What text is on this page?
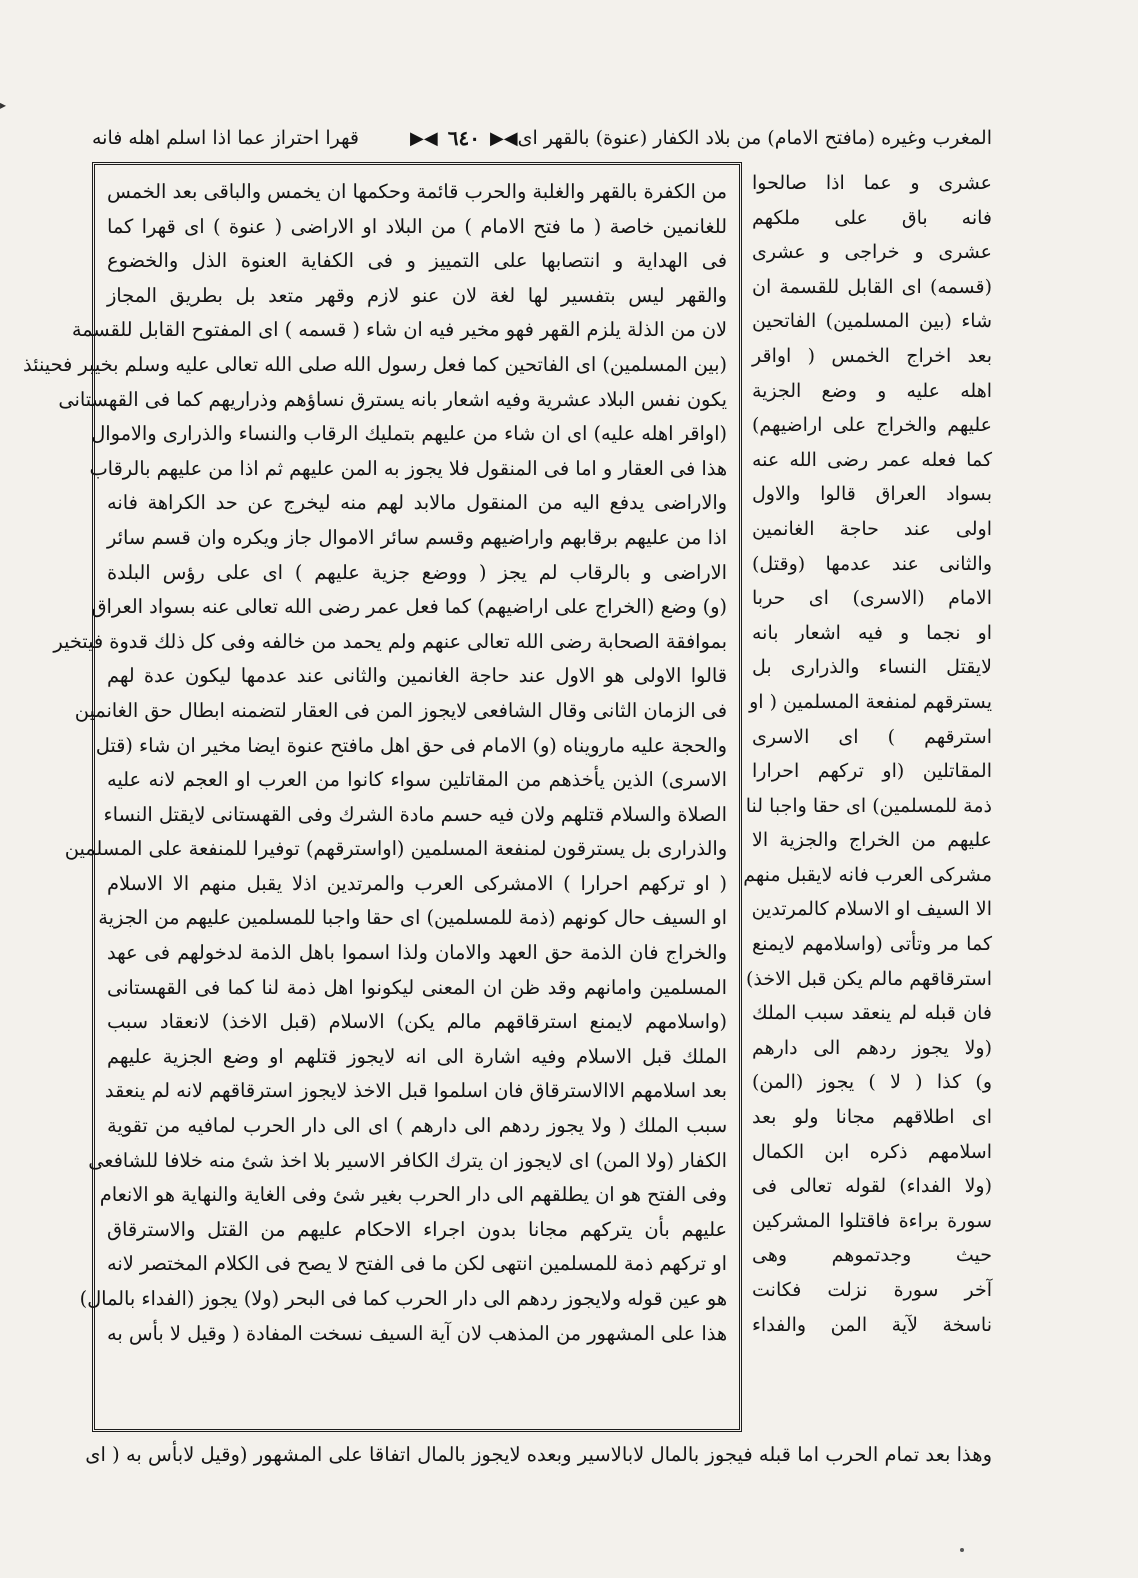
▸
المغرب وغيره (مافتح الامام) من بلاد الكفار (عنوة) بالقهر اى
◀▶
٦٤٠
◀▶
قهرا احتراز عما اذا اسلم اهله فانه
من الكفرة بالقهر والغلبة والحرب قائمة وحكمها ان يخمس والباقى بعد الخمس
للغانمين خاصة ( ما فتح الامام ) من البلاد او الاراضى ( عنوة ) اى قهرا كما
فى الهداية و انتصابها على التمييز و فى الكفاية العنوة الذل والخضوع
والقهر ليس بتفسير لها لغة لان عنو لازم وقهر متعد بل بطريق المجاز
لان من الذلة يلزم القهر فهو مخير فيه ان شاء ( قسمه ) اى المفتوح القابل للقسمة
(بين المسلمين) اى الفاتحين كما فعل رسول الله صلى الله تعالى عليه وسلم بخيبر فحينئذ
يكون نفس البلاد عشرية وفيه اشعار بانه يسترق نساؤهم وذراريهم كما فى القهستانى
(اواقر اهله عليه) اى ان شاء من عليهم بتمليك الرقاب والنساء والذرارى والاموال
هذا فى العقار و اما فى المنقول فلا يجوز به المن عليهم ثم اذا من عليهم بالرقاب
والاراضى يدفع اليه من المنقول مالابد لهم منه ليخرج عن حد الكراهة فانه
اذا من عليهم برقابهم واراضيهم وقسم سائر الاموال جاز ويكره وان قسم سائر
الاراضى و بالرقاب لم يجز ( ووضع جزية عليهم ) اى على رؤس البلدة
(و) وضع (الخراج على اراضيهم) كما فعل عمر رضى الله تعالى عنه بسواد العراق
بموافقة الصحابة رضى الله تعالى عنهم ولم يحمد من خالفه وفى كل ذلك قدوة فيتخير
قالوا الاولى هو الاول عند حاجة الغانمين والثانى عند عدمها ليكون عدة لهم
فى الزمان الثانى وقال الشافعى لايجوز المن فى العقار لتضمنه ابطال حق الغانمين
والحجة عليه مارويناه (و) الامام فى حق اهل مافتح عنوة ايضا مخير ان شاء (قتل
الاسرى) الذين يأخذهم من المقاتلين سواء كانوا من العرب او العجم لانه عليه
الصلاة والسلام قتلهم ولان فيه حسم مادة الشرك وفى القهستانى لايقتل النساء
والذرارى بل يسترقون لمنفعة المسلمين (اواسترقهم) توفيرا للمنفعة على المسلمين
( او تركهم احرارا ) الامشركى العرب والمرتدين اذلا يقبل منهم الا الاسلام
او السيف حال كونهم (ذمة للمسلمين) اى حقا واجبا للمسلمين عليهم من الجزية
والخراج فان الذمة حق العهد والامان ولذا اسموا باهل الذمة لدخولهم فى عهد
المسلمين وامانهم وقد ظن ان المعنى ليكونوا اهل ذمة لنا كما فى القهستانى
(واسلامهم لايمنع استرقاقهم مالم يكن) الاسلام (قبل الاخذ) لانعقاد سبب
الملك قبل الاسلام وفيه اشارة الى انه لايجوز قتلهم او وضع الجزية عليهم
بعد اسلامهم الاالاسترقاق فان اسلموا قبل الاخذ لايجوز استرقاقهم لانه لم ينعقد
سبب الملك ( ولا يجوز ردهم الى دارهم ) اى الى دار الحرب لمافيه من تقوية
الكفار (ولا المن) اى لايجوز ان يترك الكافر الاسير بلا اخذ شئ منه خلافا للشافعى
وفى الفتح هو ان يطلقهم الى دار الحرب بغير شئ وفى الغاية والنهاية هو الانعام
عليهم بأن يتركهم مجانا بدون اجراء الاحكام عليهم من القتل والاسترقاق
او تركهم ذمة للمسلمين انتهى لكن ما فى الفتح لا يصح فى الكلام المختصر لانه
هو عين قوله ولايجوز ردهم الى دار الحرب كما فى البحر (ولا) يجوز (الفداء بالمال)
هذا على المشهور من المذهب لان آية السيف نسخت المفادة ( وقيل لا بأس به
عشرى و عما اذا صالحوا
فانه باق على ملكهم
عشرى و خراجى و عشرى
(قسمه) اى القابل للقسمة ان
شاء (بين المسلمين) الفاتحين
بعد اخراج الخمس ( اواقر
اهله عليه و وضع الجزية
عليهم والخراج على اراضيهم)
كما فعله عمر رضى الله عنه
بسواد العراق قالوا والاول
اولى عند حاجة الغانمين
والثانى عند عدمها (وقتل)
الامام (الاسرى) اى حربا
او نجما و فيه اشعار بانه
لايقتل النساء والذرارى بل
يسترقهم لمنفعة المسلمين ( او
استرقهم ) اى الاسرى
المقاتلين (او تركهم احرارا
ذمة للمسلمين) اى حقا واجبا لنا
عليهم من الخراج والجزية الا
مشركى العرب فانه لايقبل منهم
الا السيف او الاسلام كالمرتدين
كما مر وتأتى (واسلامهم لايمنع
استرقاقهم مالم يكن قبل الاخذ)
فان قبله لم ينعقد سبب الملك
(ولا يجوز ردهم الى دارهم
و) كذا ( لا ) يجوز (المن)
اى اطلاقهم مجانا ولو بعد
اسلامهم ذكره ابن الكمال
(ولا الفداء) لقوله تعالى فى
سورة براءة فاقتلوا المشركين
حيث وجدتموهم وهى
آخر سورة نزلت فكانت
ناسخة لآية المن والفداء
وهذا بعد تمام الحرب اما قبله فيجوز بالمال لابالاسير وبعده لايجوز بالمال اتفاقا على المشهور (وقيل لابأس به ( اى
